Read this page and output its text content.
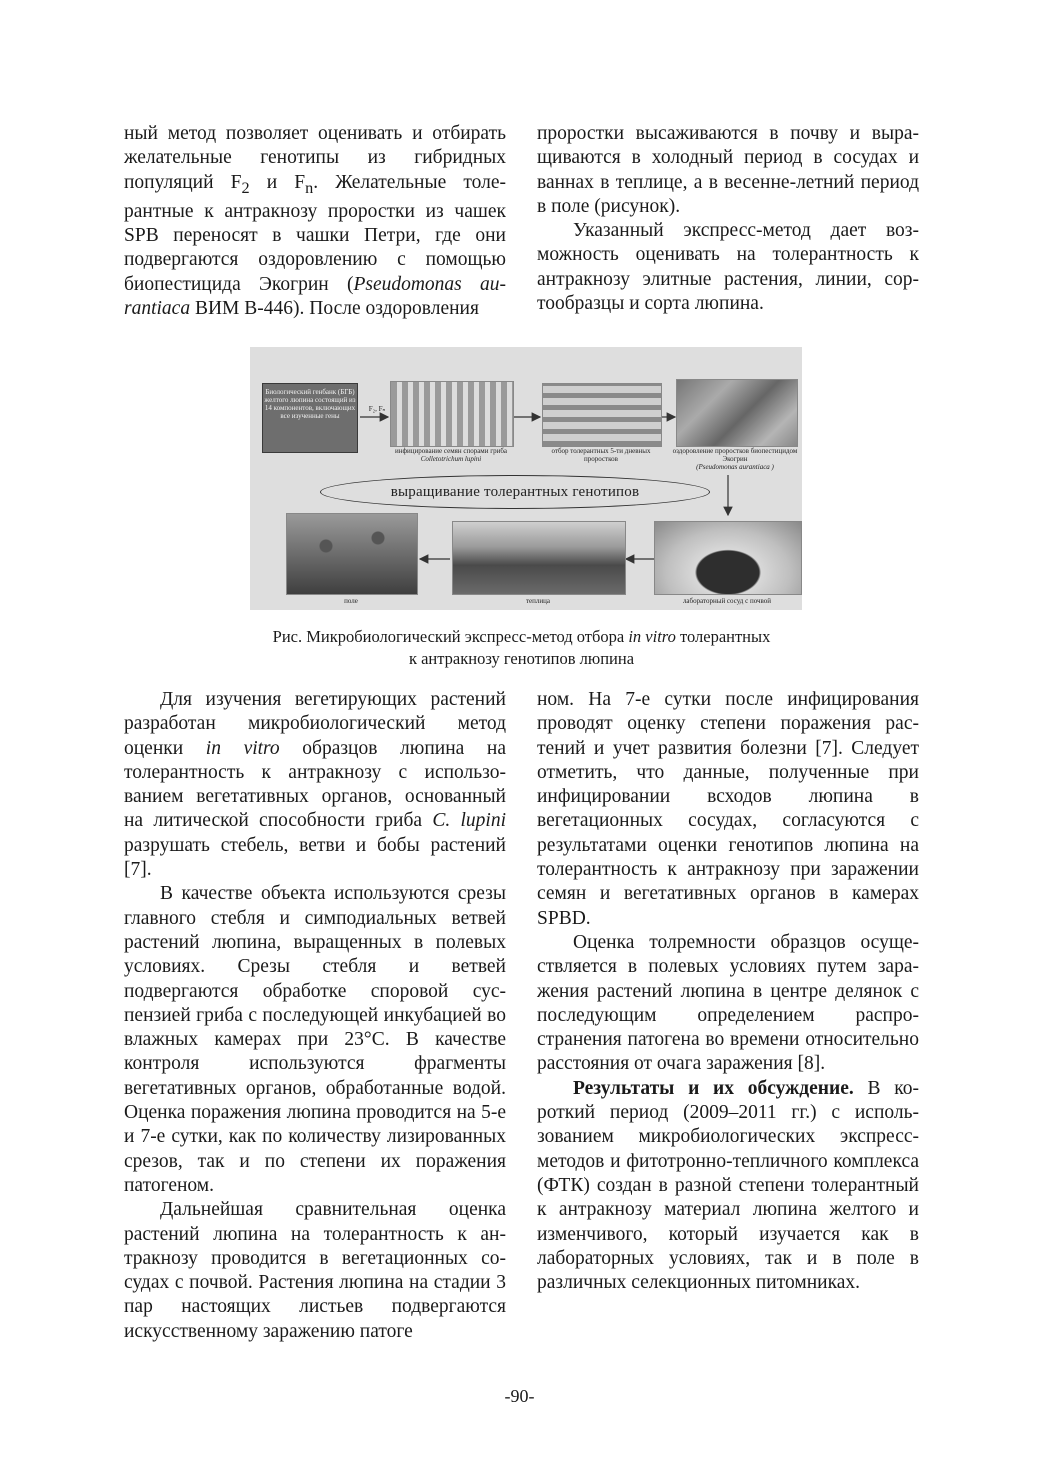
ный метод позволяет оценивать и отбирать желательные генотипы из гибридных популяций $F_2$ и $F_n$. Желательные толерантные к антракнозу проростки из чашек SPB переносят в чашки Петри, где они подвергаются оздоровлению с помощью биопестицида Экогрин (Pseudomonas aurantiaca ВИМ В-446). После оздоровления

проростки высаживаются в почву и выращиваются в холодный период в сосудах и ваннах в теплице, а в весенне-летний период в поле (рисунок).

Указанный экспресс-метод дает возможность оценивать на толерантность к антракнозу элитные растения, линии, сортообразцы и сорта люпина.

Биологический генбанк (БГБ) желтого люпина состоящий из 14 компонентов, включающих все изученные гены
F₂, Fₙ
инфицирование семян спорами гриба
Colletotrichum lupini
отбор толерантных 5-ти дневных проростков
оздоровление проростков биопестицидом Экогрин
(Pseudomonas aurantiaca )
выращивание толерантных генотипов
поле	теплица	лабораторный сосуд с почвой
Рис. Микробиологический экспресс-метод отбора in vitro толерантных
к антракнозу генотипов люпина

Для изучения вегетирующих растений разработан микробиологический метод оценки in vitro образцов люпина на толерантность к антракнозу с использованием вегетативных органов, основанный на литической способности гриба C. lupini разрушать стебель, ветви и бобы растений [7].

В качестве объекта используются срезы главного стебля и симподиальных ветвей растений люпина, выращенных в полевых условиях. Срезы стебля и ветвей подвергаются обработке споровой суспензией гриба с последующей инкубацией во влажных камерах при 23°С. В качестве контроля используются фрагменты вегетативных органов, обработанные водой. Оценка поражения люпина проводится на 5-е и 7-е сутки, как по количеству лизированных срезов, так и по степени их поражения патогеном.

Дальнейшая сравнительная оценка растений люпина на толерантность к антракнозу проводится в вегетационных сосудах с почвой. Растения люпина на стадии 3 пар настоящих листьев подвергаются искусственному заражению патоге

ном. На 7-е сутки после инфицирования проводят оценку степени поражения растений и учет развития болезни [7]. Следует отметить, что данные, полученные при инфицировании всходов люпина в вегетационных сосудах, согласуются с результатами оценки генотипов люпина на толерантность к антракнозу при заражении семян и вегетативных органов в камерах SPBD.

Оценка толремности образцов осуществляется в полевых условиях путем заражения растений люпина в центре делянок с последующим определением распространения патогена во времени относительно расстояния от очага заражения [8].

Результаты и их обсуждение. В короткий период (2009–2011 гг.) с использованием микробиологических экспресс-методов и фитотронно-тепличного комплекса (ФТК) создан в разной степени толерантный к антракнозу материал люпина желтого и изменчивого, который изучается как в лабораторных условиях, так и в поле в различных селекционных питомниках.

-90-
